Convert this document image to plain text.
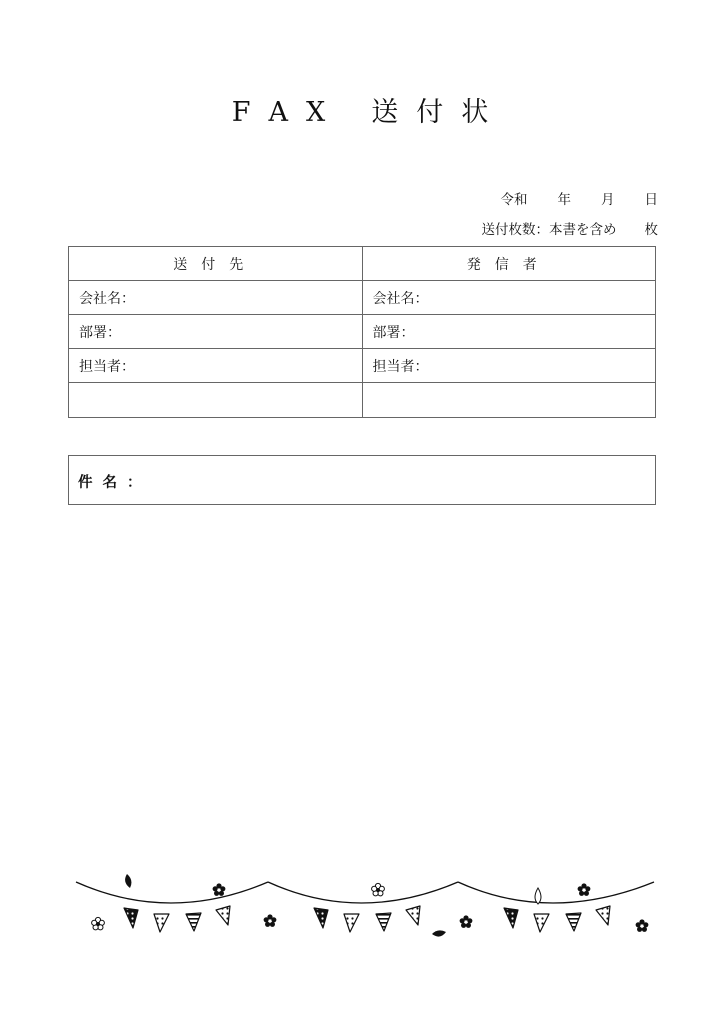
F A X 送 付 状

令和 年 月 日

送付枚数：本書を含め 枚

送付先	発信者
会社名：	会社名：
部署：	部署：
担当者：	担当者：

件名：
